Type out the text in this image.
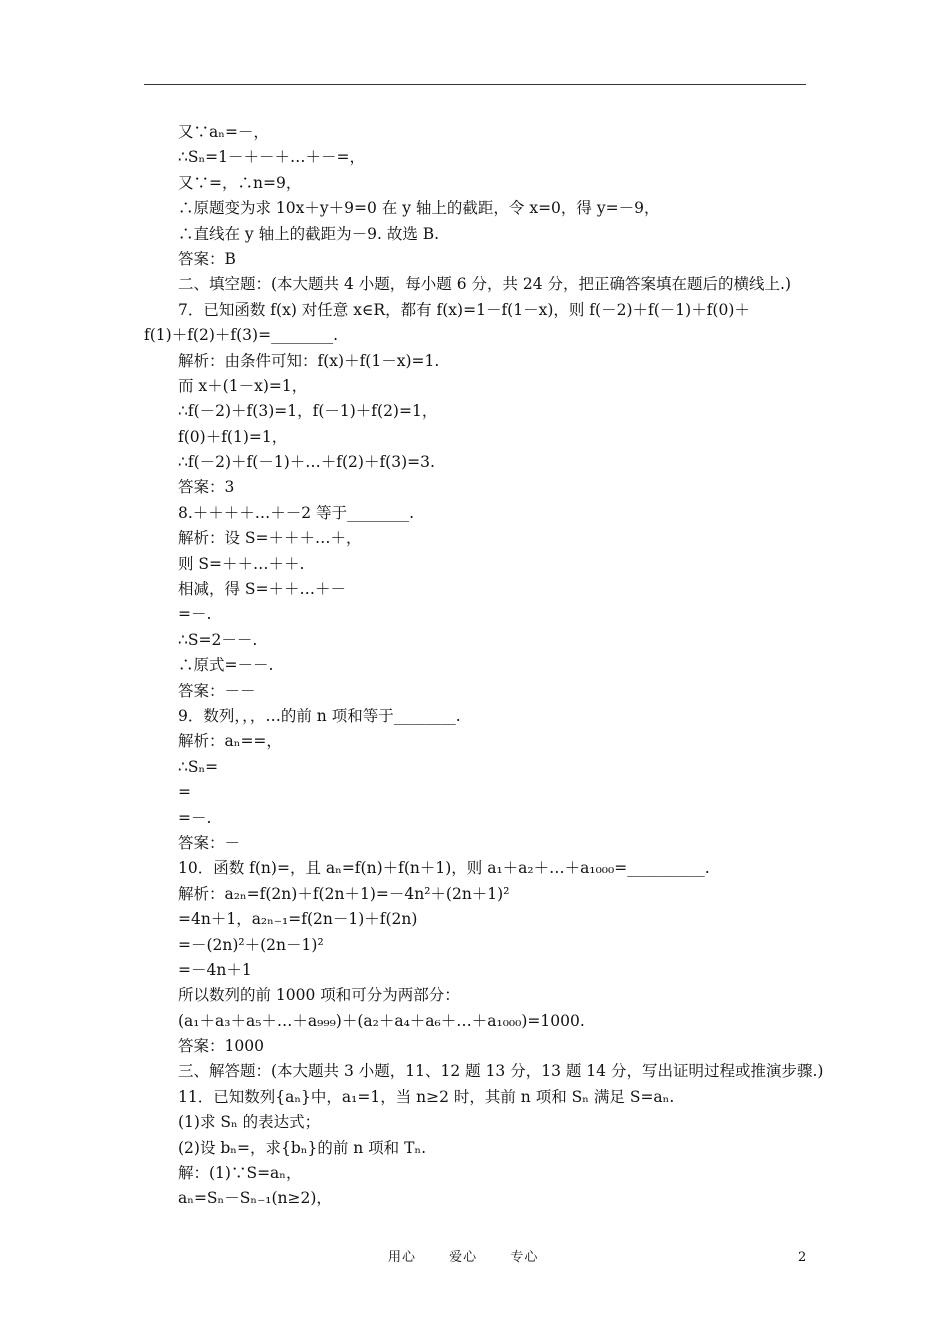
又∵aₙ=－，
∴Sₙ=1－＋－＋…＋－=，
又∵=，∴n=9，
∴原题变为求 10x＋y＋9=0 在 y 轴上的截距，令 x=0，得 y=－9，
∴直线在 y 轴上的截距为－9. 故选 B.
答案：B
二、填空题：(本大题共 4 小题，每小题 6 分，共 24 分，把正确答案填在题后的横线上.)
7．已知函数 f(x) 对任意 x∈R，都有 f(x)=1－f(1－x)，则 f(－2)＋f(－1)＋f(0)＋
f(1)＋f(2)＋f(3)=________.
解析：由条件可知：f(x)＋f(1－x)=1.
而 x＋(1－x)=1，
∴f(－2)＋f(3)=1，f(－1)＋f(2)=1，
f(0)＋f(1)=1，
∴f(－2)＋f(－1)＋…＋f(2)＋f(3)=3.
答案：3
8.＋＋＋＋…＋－2 等于________.
解析：设 S=＋＋＋…＋，
则 S=＋＋…＋＋.
相减，得 S=＋＋…＋－
=－.
∴S=2－－.
∴原式=－－.
答案：－－
9．数列，，，…的前 n 项和等于________.
解析：aₙ==，
∴Sₙ=
=
=－.
答案：－
10．函数 f(n)=，且 aₙ=f(n)＋f(n＋1)，则 a₁＋a₂＋…＋a₁₀₀₀=__________.
解析：a₂ₙ=f(2n)＋f(2n＋1)=－4n²＋(2n＋1)²
=4n＋1，a₂ₙ₋₁=f(2n－1)＋f(2n)
=－(2n)²＋(2n－1)²
=－4n＋1
所以数列的前 1000 项和可分为两部分：
(a₁＋a₃＋a₅＋…＋a₉₉₉)＋(a₂＋a₄＋a₆＋…＋a₁₀₀₀)=1000.
答案：1000
三、解答题：(本大题共 3 小题，11、12 题 13 分，13 题 14 分，写出证明过程或推演步骤.)
11．已知数列{aₙ}中，a₁=1，当 n≥2 时，其前 n 项和 Sₙ 满足 S=aₙ.
(1)求 Sₙ 的表达式；
(2)设 bₙ=，求{bₙ}的前 n 项和 Tₙ.
解：(1)∵S=aₙ，
aₙ=Sₙ－Sₙ₋₁(n≥2)，
用心	爱心	专心	2
